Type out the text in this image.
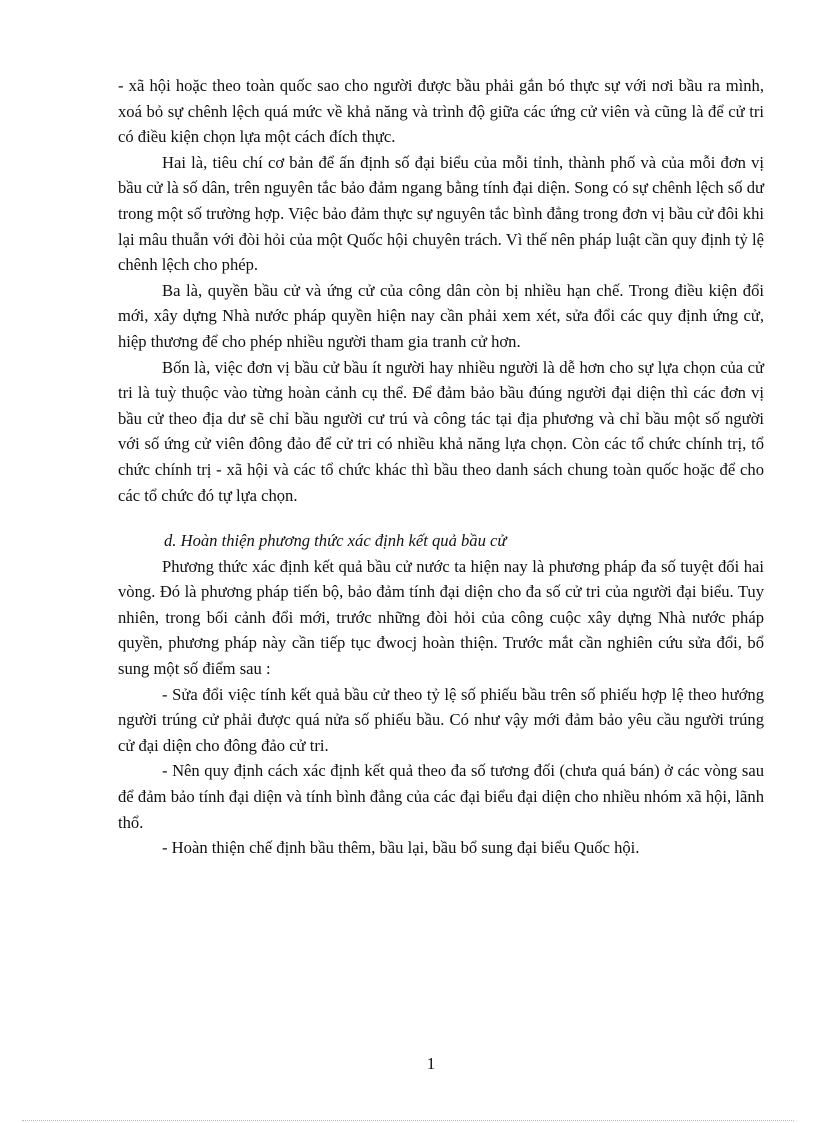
- xã hội hoặc theo toàn quốc sao cho người được bầu phải gắn bó thực sự với nơi bầu ra mình, xoá bỏ sự chênh lệch quá mức về khả năng và trình độ giữa các ứng cử viên và cũng là để cử tri có điều kiện chọn lựa một cách đích thực.

Hai là, tiêu chí cơ bản để ấn định số đại biểu của mỗi tỉnh, thành phố và của mỗi đơn vị bầu cử là số dân, trên nguyên tắc bảo đảm ngang bằng tính đại diện. Song có sự chênh lệch số dư trong một số trường hợp. Việc bảo đảm thực sự nguyên tắc bình đẳng trong đơn vị bầu cử đôi khi lại mâu thuẫn với đòi hỏi của một Quốc hội chuyên trách. Vì thế nên pháp luật cần quy định tỷ lệ chênh lệch cho phép.

Ba là, quyền bầu cử và ứng cử của công dân còn bị nhiều hạn chế. Trong điều kiện đổi mới, xây dựng Nhà nước pháp quyền hiện nay cần phải xem xét, sửa đổi các quy định ứng cử, hiệp thương để cho phép nhiều người tham gia tranh cử hơn.

Bốn là, việc đơn vị bầu cử bầu ít người hay nhiều người là dễ hơn cho sự lựa chọn của cử tri là tuỳ thuộc vào từng hoàn cảnh cụ thể. Để đảm bảo bầu đúng người đại diện thì các đơn vị bầu cử theo địa dư sẽ chỉ bầu người cư trú và công tác tại địa phương và chỉ bầu một số người với số ứng cử viên đông đảo để cử tri có nhiều khả năng lựa chọn. Còn các tổ chức chính trị, tổ chức chính trị - xã hội và các tổ chức khác thì bầu theo danh sách chung toàn quốc hoặc để cho các tổ chức đó tự lựa chọn.

d. Hoàn thiện phương thức xác định kết quả bầu cử

Phương thức xác định kết quả bầu cử nước ta hiện nay là phương pháp đa số tuyệt đối hai vòng. Đó là phương pháp tiến bộ, bảo đảm tính đại diện cho đa số cử tri của người đại biểu. Tuy nhiên, trong bối cảnh đổi mới, trước những đòi hỏi của công cuộc xây dựng Nhà nước pháp quyền, phương pháp này cần tiếp tục đwocj hoàn thiện. Trước mắt cần nghiên cứu sửa đổi, bổ sung một số điểm sau :

- Sửa đổi việc tính kết quả bầu cử theo tỷ lệ số phiếu bầu trên số phiếu hợp lệ theo hướng người trúng cử phải được quá nửa số phiếu bầu. Có như vậy mới đảm bảo yêu cầu người trúng cử đại diện cho đông đảo cử tri.

- Nên quy định cách xác định kết quả theo đa số tương đối (chưa quá bán) ở các vòng sau để đảm bảo tính đại diện và tính bình đẳng của các đại biểu đại diện cho nhiều nhóm xã hội, lãnh thổ.

- Hoàn thiện chế định bầu thêm, bầu lại, bầu bổ sung đại biểu Quốc hội.

1
